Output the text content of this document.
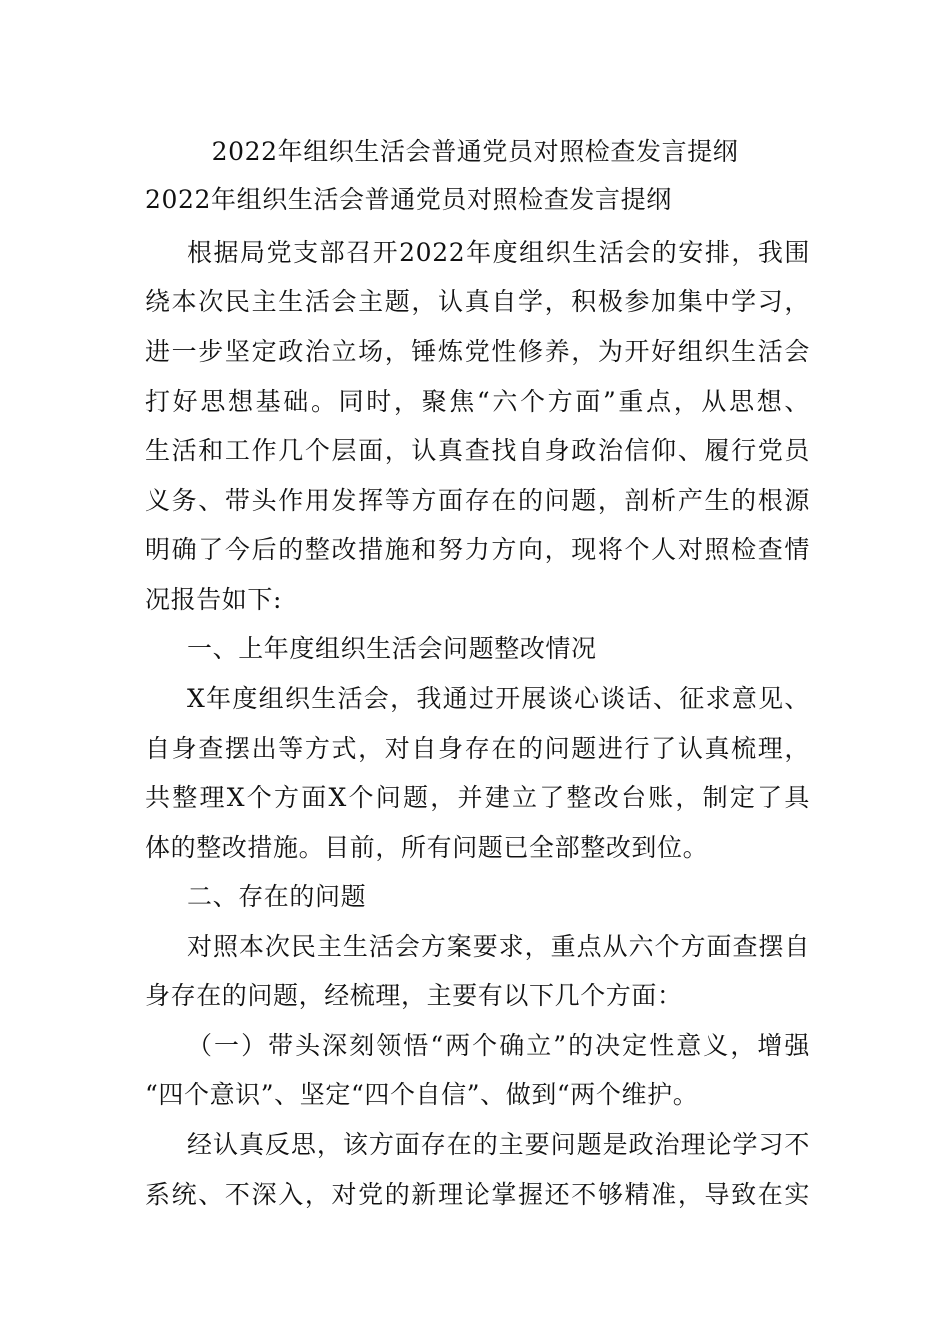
2022年组织生活会普通党员对照检查发言提纲
2022年组织生活会普通党员对照检查发言提纲
根据局党支部召开2022年度组织生活会的安排，我围
绕本次民主生活会主题，认真自学，积极参加集中学习，
进一步坚定政治立场，锤炼党性修养，为开好组织生活会
打好思想基础。同时，聚焦“六个方面”重点，从思想、
生活和工作几个层面，认真查找自身政治信仰、履行党员
义务、带头作用发挥等方面存在的问题，剖析产生的根源
明确了今后的整改措施和努力方向，现将个人对照检查情
况报告如下:
一、上年度组织生活会问题整改情况
X年度组织生活会，我通过开展谈心谈话、征求意见、
自身查摆出等方式，对自身存在的问题进行了认真梳理，
共整理X个方面X个问题，并建立了整改台账，制定了具
体的整改措施。目前，所有问题已全部整改到位。
二、存在的问题
对照本次民主生活会方案要求，重点从六个方面查摆自
身存在的问题，经梳理，主要有以下几个方面：
（一）带头深刻领悟“两个确立”的决定性意义，增强
“四个意识”、坚定“四个自信”、做到“两个维护。
经认真反思，该方面存在的主要问题是政治理论学习不
系统、不深入，对党的新理论掌握还不够精准，导致在实
